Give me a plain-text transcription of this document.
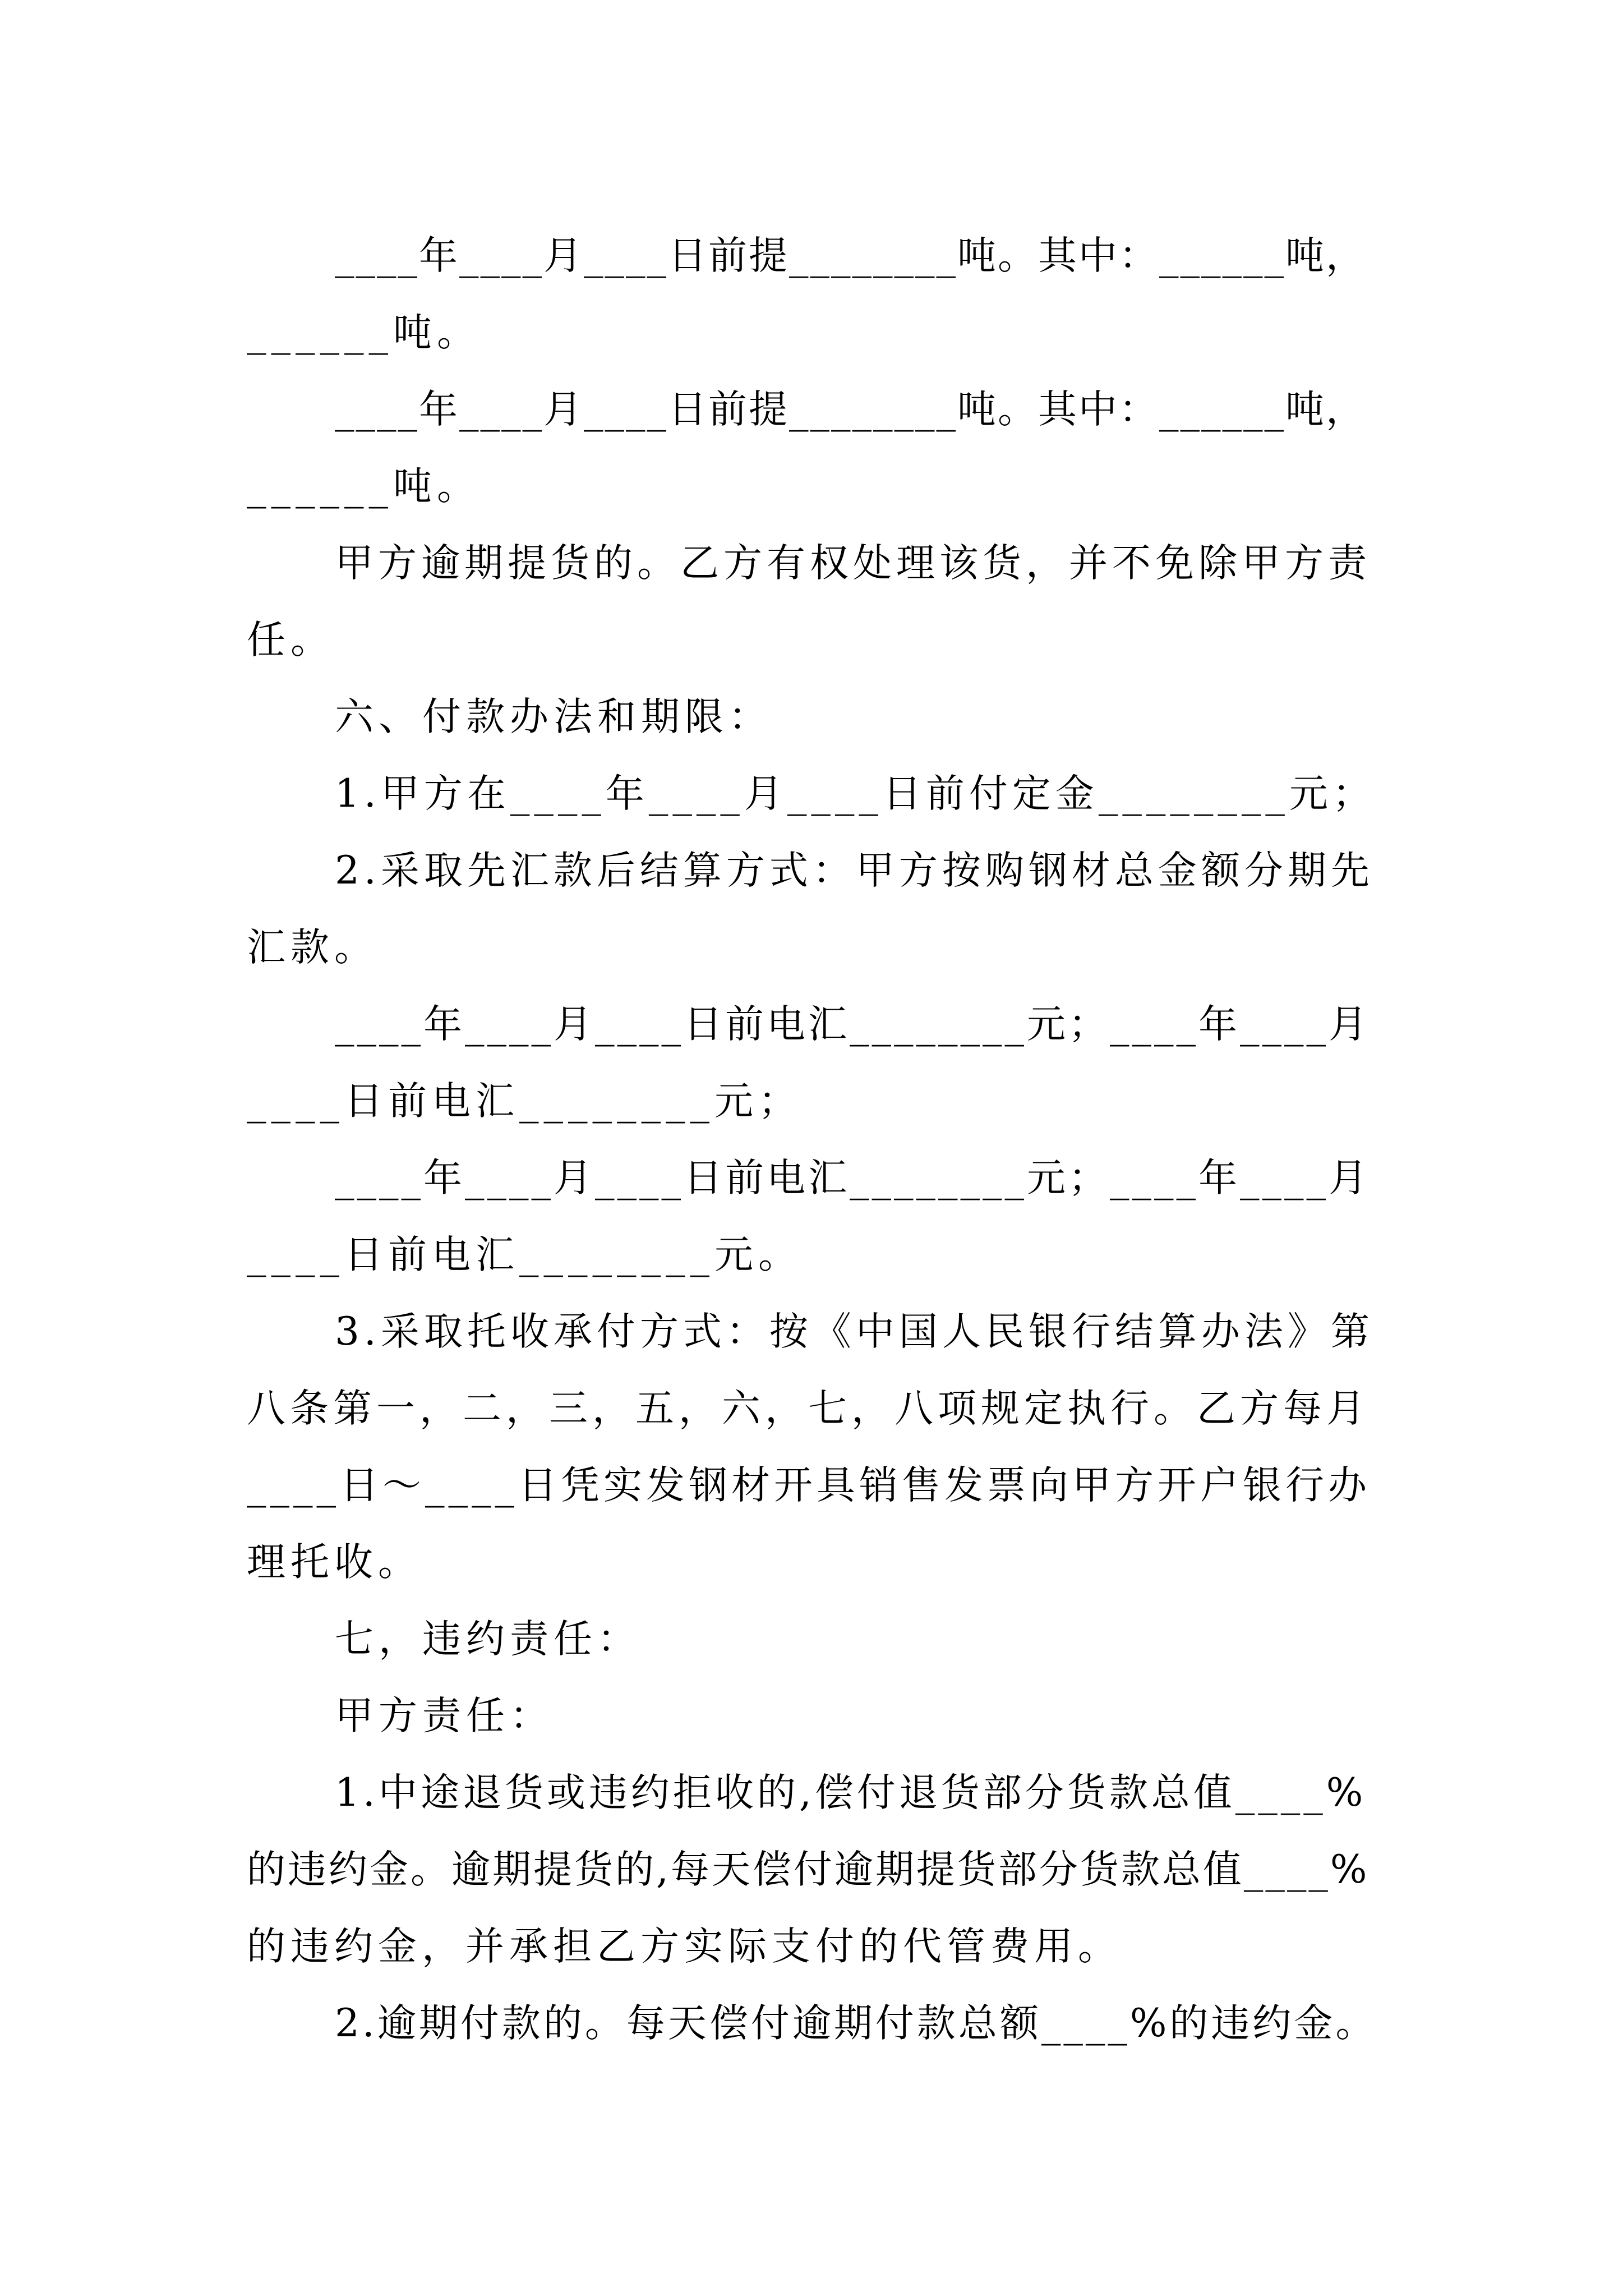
____年____月____日前提________吨。其中：______吨，
______吨。
____年____月____日前提________吨。其中：______吨，
______吨。
甲方逾期提货的。乙方有权处理该货，并不免除甲方责
任。
六、付款办法和期限：
1.甲方在____年____月____日前付定金________元；
2.采取先汇款后结算方式：甲方按购钢材总金额分期先
汇款。
____年____月____日前电汇________元；____年____月
____日前电汇________元；
____年____月____日前电汇________元；____年____月
____日前电汇________元。
3.采取托收承付方式：按《中国人民银行结算办法》第
八条第一，二，三，五，六，七，八项规定执行。乙方每月
____日～____日凭实发钢材开具销售发票向甲方开户银行办
理托收。
七，违约责任：
甲方责任：
1.中途退货或违约拒收的,偿付退货部分货款总值____%
的违约金。逾期提货的,每天偿付逾期提货部分货款总值____%
的违约金，并承担乙方实际支付的代管费用。
2.逾期付款的。每天偿付逾期付款总额____%的违约金。
